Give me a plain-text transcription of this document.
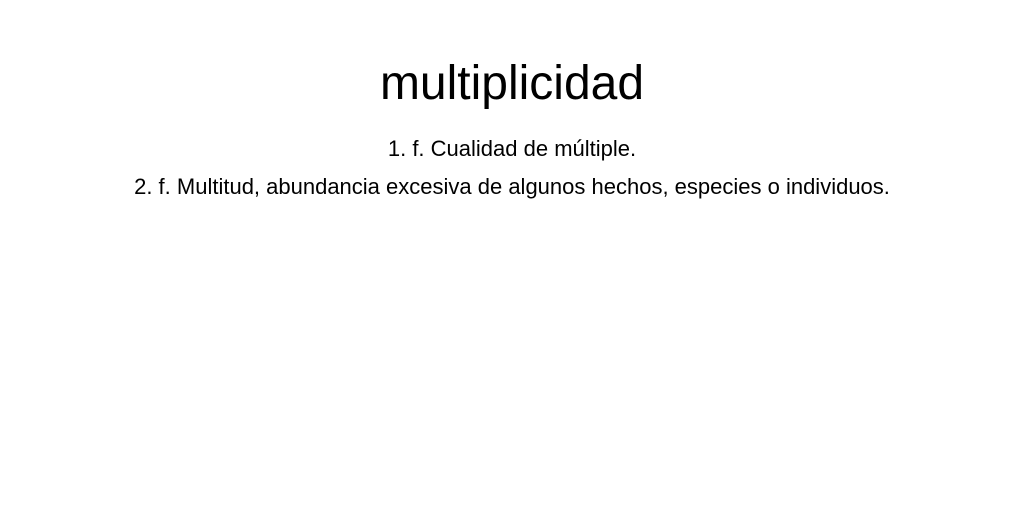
multiplicidad
1. f. Cualidad de múltiple.
2. f. Multitud, abundancia excesiva de algunos hechos, especies o individuos.
